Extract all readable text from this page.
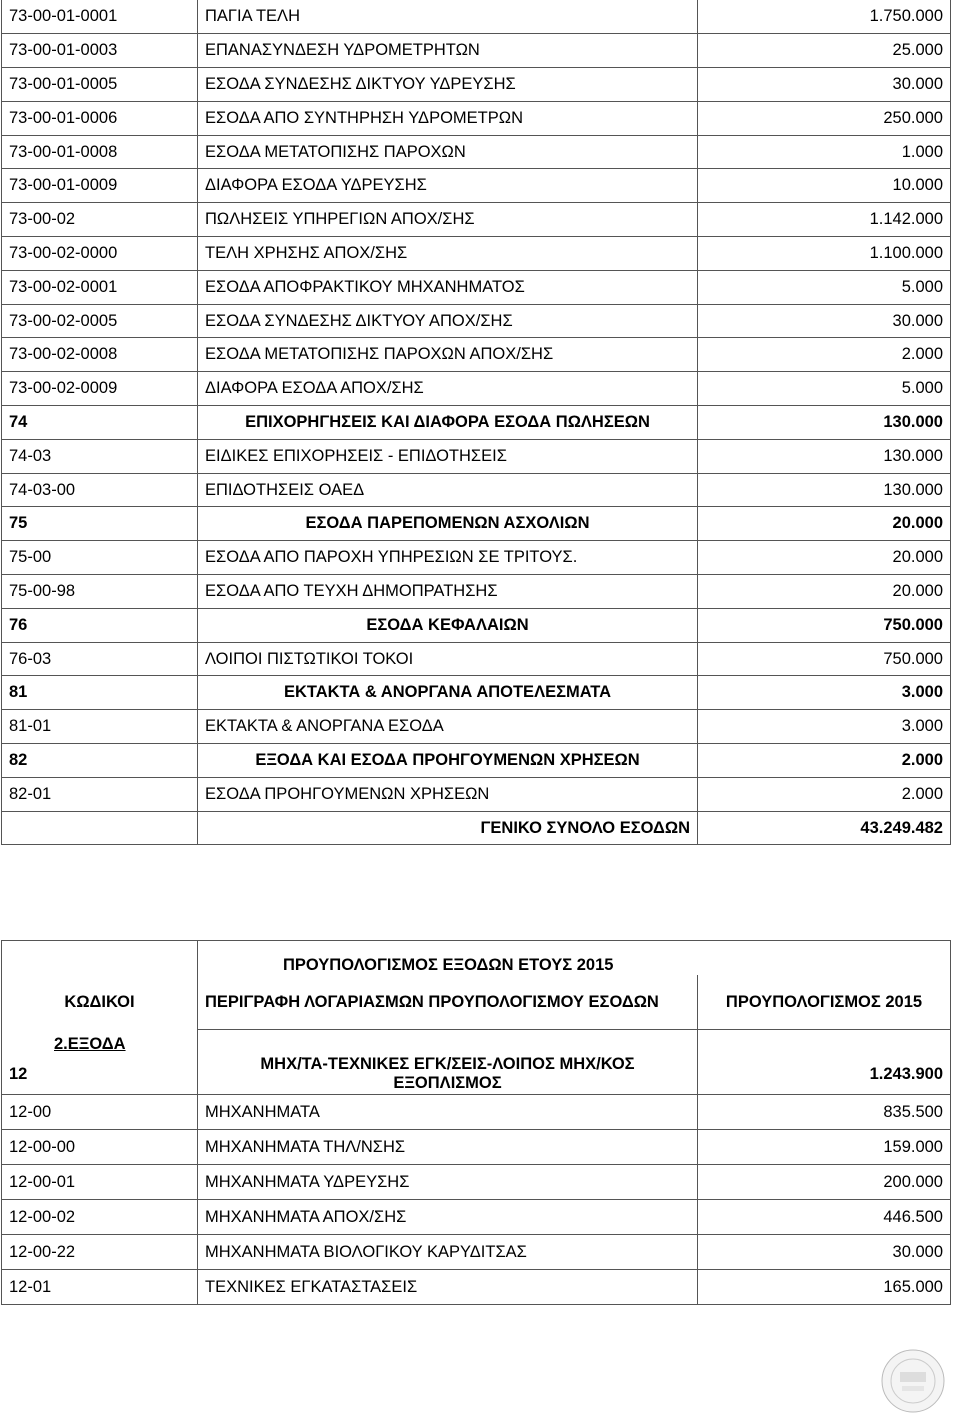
73-00-01-0001	ΠΑΓΙΑ ΤΕΛΗ	1.750.000
73-00-01-0003	ΕΠΑΝΑΣΥΝΔΕΣΗ ΥΔΡΟΜΕΤΡΗΤΩΝ	25.000
73-00-01-0005	ΕΣΟΔΑ ΣΥΝΔΕΣΗΣ ΔΙΚΤΥΟΥ ΥΔΡΕΥΣΗΣ	30.000
73-00-01-0006	ΕΣΟΔΑ ΑΠΟ ΣΥΝΤΗΡΗΣΗ ΥΔΡΟΜΕΤΡΩΝ	250.000
73-00-01-0008	ΕΣΟΔΑ ΜΕΤΑΤΟΠΙΣΗΣ ΠΑΡΟΧΩΝ	1.000
73-00-01-0009	ΔΙΑΦΟΡΑ ΕΣΟΔΑ ΥΔΡΕΥΣΗΣ	10.000
73-00-02	ΠΩΛΗΣΕΙΣ ΥΠΗΡΕΓΙΩΝ ΑΠΟΧ/ΣΗΣ	1.142.000
73-00-02-0000	ΤΕΛΗ ΧΡΗΣΗΣ ΑΠΟΧ/ΣΗΣ	1.100.000
73-00-02-0001	ΕΣΟΔΑ ΑΠΟΦΡΑΚΤΙΚΟΥ ΜΗΧΑΝΗΜΑΤΟΣ	5.000
73-00-02-0005	ΕΣΟΔΑ ΣΥΝΔΕΣΗΣ ΔΙΚΤΥΟΥ ΑΠΟΧ/ΣΗΣ	30.000
73-00-02-0008	ΕΣΟΔΑ ΜΕΤΑΤΟΠΙΣΗΣ ΠΑΡΟΧΩΝ ΑΠΟΧ/ΣΗΣ	2.000
73-00-02-0009	ΔΙΑΦΟΡΑ ΕΣΟΔΑ ΑΠΟΧ/ΣΗΣ	5.000
74	ΕΠΙΧΟΡΗΓΗΣΕΙΣ ΚΑΙ ΔΙΑΦΟΡΑ ΕΣΟΔΑ ΠΩΛΗΣΕΩΝ	130.000
74-03	ΕΙΔΙΚΕΣ ΕΠΙΧΟΡΗΣΕΙΣ - ΕΠΙΔΟΤΗΣΕΙΣ	130.000
74-03-00	ΕΠΙΔΟΤΗΣΕΙΣ ΟΑΕΔ	130.000
75	ΕΣΟΔΑ ΠΑΡΕΠΟΜΕΝΩΝ ΑΣΧΟΛΙΩΝ	20.000
75-00	ΕΣΟΔΑ ΑΠΟ ΠΑΡΟΧΗ ΥΠΗΡΕΣΙΩΝ ΣΕ ΤΡΙΤΟΥΣ.	20.000
75-00-98	ΕΣΟΔΑ ΑΠΟ ΤΕΥΧΗ ΔΗΜΟΠΡΑΤΗΣΗΣ	20.000
76	ΕΣΟΔΑ ΚΕΦΑΛΑΙΩΝ	750.000
76-03	ΛΟΙΠΟΙ ΠΙΣΤΩΤΙΚΟΙ ΤΟΚΟΙ	750.000
81	ΕΚΤΑΚΤΑ & ΑΝΟΡΓΑΝΑ ΑΠΟΤΕΛΕΣΜΑΤΑ	3.000
81-01	ΕΚΤΑΚΤΑ & ΑΝΟΡΓΑΝΑ ΕΣΟΔΑ	3.000
82	ΕΞΟΔΑ ΚΑΙ ΕΣΟΔΑ ΠΡΟΗΓΟΥΜΕΝΩΝ ΧΡΗΣΕΩΝ	2.000
82-01	ΕΣΟΔΑ ΠΡΟΗΓΟΥΜΕΝΩΝ ΧΡΗΣΕΩΝ	2.000
	ΓΕΝΙΚΟ ΣΥΝΟΛΟ ΕΣΟΔΩΝ	43.249.482
	ΠΡΟΥΠΟΛΟΓΙΣΜΟΣ ΕΞΟΔΩΝ ΕΤΟΥΣ 2015	
ΚΩΔΙΚΟΙ	ΠΕΡΙΓΡΑΦΗ ΛΟΓΑΡΙΑΣΜΩΝ ΠΡΟΥΠΟΛΟΓΙΣΜΟΥ ΕΣΟΔΩΝ	ΠΡΟΥΠΟΛΟΓΙΣΜΟΣ 2015
2.ΕΞΟΔΑ		
12	ΜΗΧ/ΤΑ-ΤΕΧΝΙΚΕΣ ΕΓΚ/ΣΕΙΣ-ΛΟΙΠΟΣ ΜΗΧ/ΚΟΣ ΕΞΟΠΛΙΣΜΟΣ	1.243.900
12-00	ΜΗΧΑΝΗΜΑΤΑ	835.500
12-00-00	ΜΗΧΑΝΗΜΑΤΑ ΤΗΛ/ΝΣΗΣ	159.000
12-00-01	ΜΗΧΑΝΗΜΑΤΑ ΥΔΡΕΥΣΗΣ	200.000
12-00-02	ΜΗΧΑΝΗΜΑΤΑ ΑΠΟΧ/ΣΗΣ	446.500
12-00-22	ΜΗΧΑΝΗΜΑΤΑ ΒΙΟΛΟΓΙΚΟΥ ΚΑΡΥΔΙΤΣΑΣ	30.000
12-01	ΤΕΧΝΙΚΕΣ ΕΓΚΑΤΑΣΤΑΣΕΙΣ	165.000
